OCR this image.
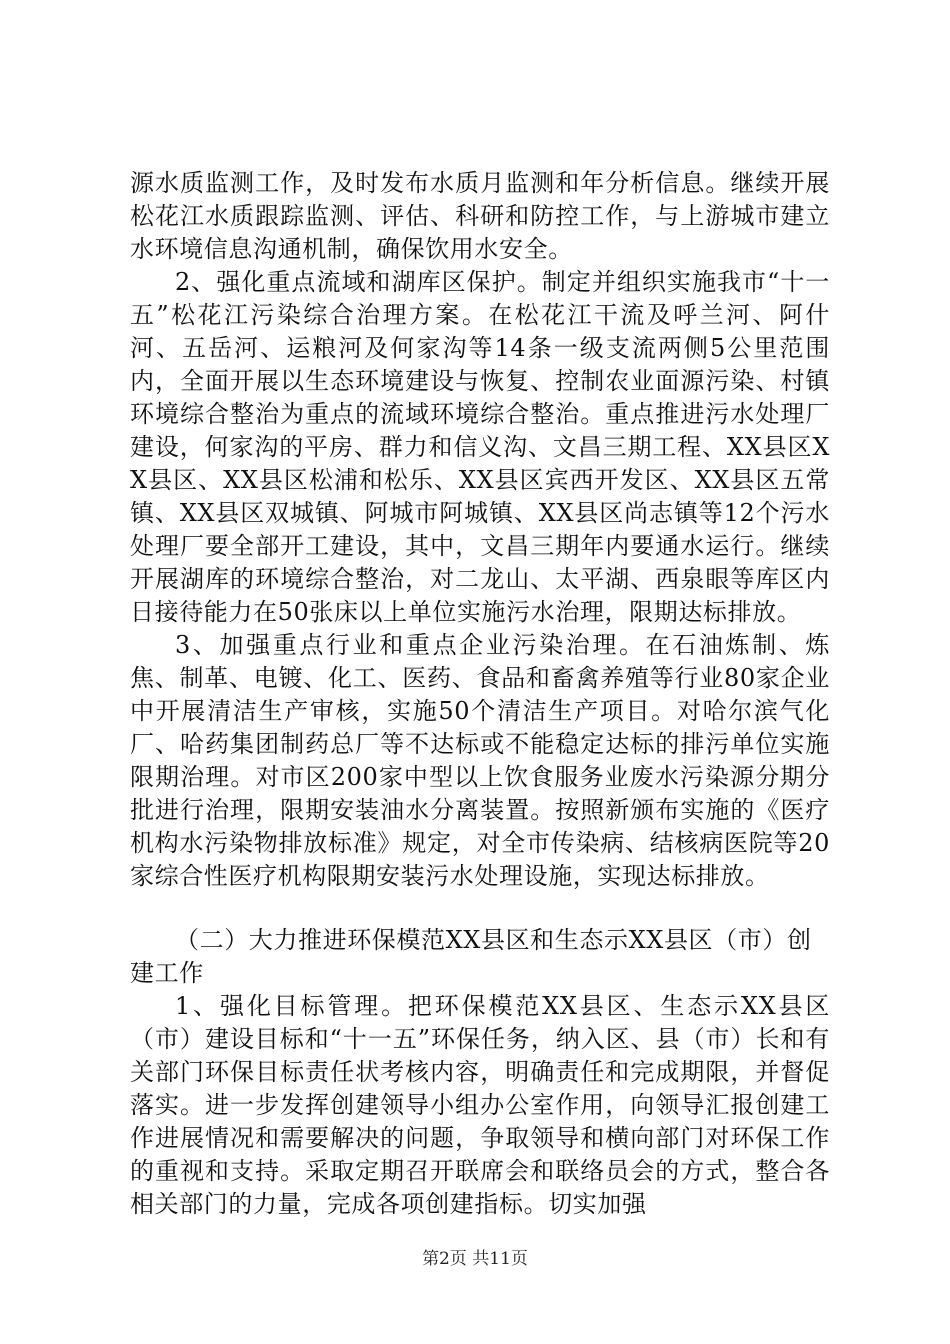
源水质监测工作，及时发布水质月监测和年分析信息。继续开展松花江水质跟踪监测、评估、科研和防控工作，与上游城市建立水环境信息沟通机制，确保饮用水安全。

2、强化重点流域和湖库区保护。制定并组织实施我市“十一五”松花江污染综合治理方案。在松花江干流及呼兰河、阿什河、五岳河、运粮河及何家沟等14条一级支流两侧5公里范围内，全面开展以生态环境建设与恢复、控制农业面源污染、村镇环境综合整治为重点的流域环境综合整治。重点推进污水处理厂建设，何家沟的平房、群力和信义沟、文昌三期工程、XX县区XX县区、XX县区松浦和松乐、XX县区宾西开发区、XX县区五常镇、XX县区双城镇、阿城市阿城镇、XX县区尚志镇等12个污水处理厂要全部开工建设，其中，文昌三期年内要通水运行。继续开展湖库的环境综合整治，对二龙山、太平湖、西泉眼等库区内日接待能力在50张床以上单位实施污水治理，限期达标排放。

3、加强重点行业和重点企业污染治理。在石油炼制、炼焦、制革、电镀、化工、医药、食品和畜禽养殖等行业80家企业中开展清洁生产审核，实施50个清洁生产项目。对哈尔滨气化厂、哈药集团制药总厂等不达标或不能稳定达标的排污单位实施限期治理。对市区200家中型以上饮食服务业废水污染源分期分批进行治理，限期安装油水分离装置。按照新颁布实施的《医疗机构水污染物排放标准》规定，对全市传染病、结核病医院等20家综合性医疗机构限期安装污水处理设施，实现达标排放。

（二）大力推进环保模范XX县区和生态示XX县区（市）创建工作

1、强化目标管理。把环保模范XX县区、生态示XX县区（市）建设目标和“十一五”环保任务，纳入区、县（市）长和有关部门环保目标责任状考核内容，明确责任和完成期限，并督促落实。进一步发挥创建领导小组办公室作用，向领导汇报创建工作进展情况和需要解决的问题，争取领导和横向部门对环保工作的重视和支持。采取定期召开联席会和联络员会的方式，整合各相关部门的力量，完成各项创建指标。切实加强

第2页 共11页
